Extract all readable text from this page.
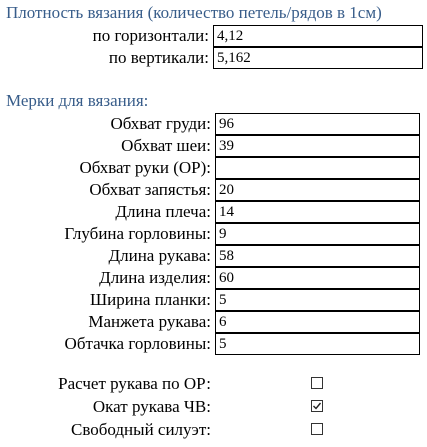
Плотность вязания (количество петель/рядов в 1см)
по горизонтали: 4,12
по вертикали: 5,162
Мерки для вязания:
Обхват груди: 96
Обхват шеи: 39
Обхват руки (ОР):
Обхват запястья: 20
Длина плеча: 14
Глубина горловины: 9
Длина рукава: 58
Длина изделия: 60
Ширина планки: 5
Манжета рукава: 6
Обтачка горловины: 5
Расчет рукава по ОР:
Окат рукава ЧВ:
Свободный силуэт:
